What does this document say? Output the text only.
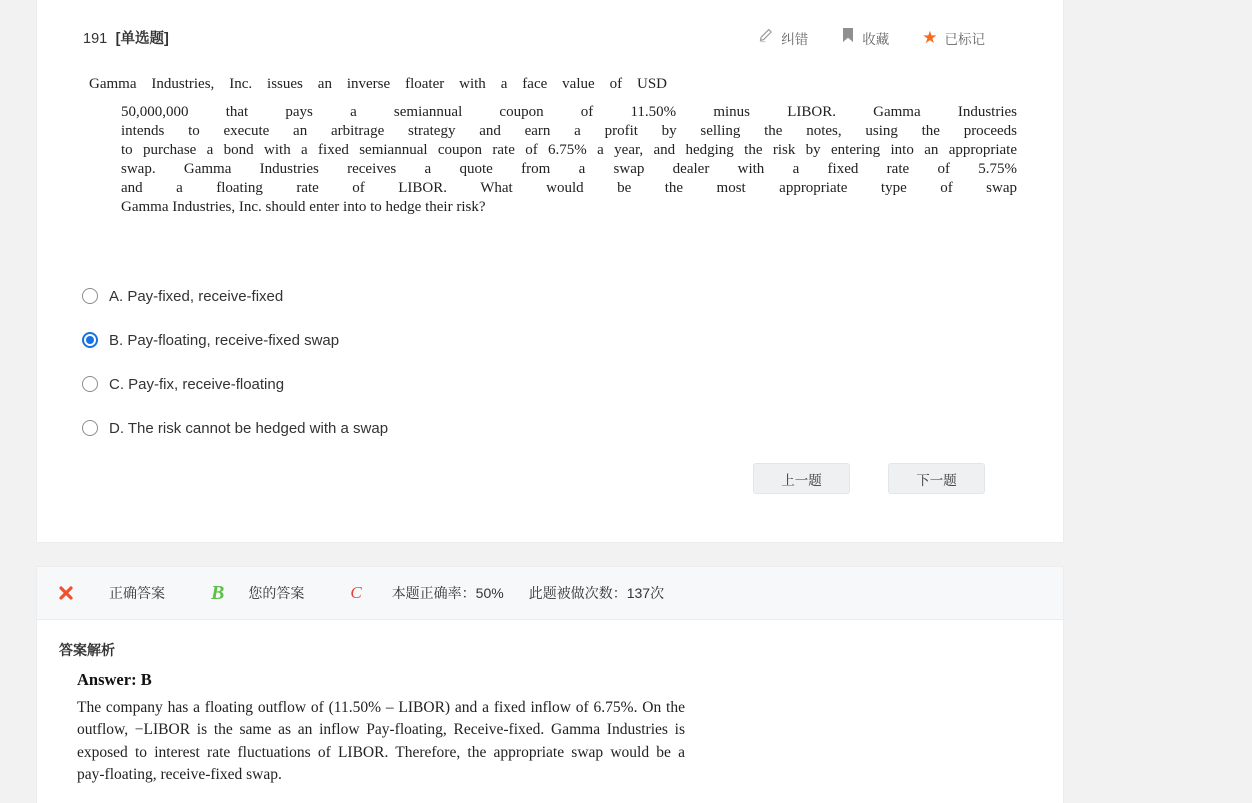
191 [单选题]	纠错	收藏 ★ 已标记
Gamma Industries, Inc. issues an inverse floater with a face value of USD
50,000,000 that pays a semiannual coupon of 11.50% minus LIBOR. Gamma Industries
intends to execute an arbitrage strategy and earn a profit by selling the notes, using the proceeds
to purchase a bond with a fixed semiannual coupon rate of 6.75% a year, and hedging the risk by entering into an appropriate
swap. Gamma Industries receives a quote from a swap dealer with a fixed rate of 5.75%
and a floating rate of LIBOR. What would be the most appropriate type of swap
Gamma Industries, Inc. should enter into to hedge their risk?
A. Pay-fixed, receive-fixed
B. Pay-floating, receive-fixed swap
C. Pay-fix, receive-floating
D. The risk cannot be hedged with a swap
上一题	下一题
正确答案 B 您的答案	C 本题正确率：50% 此题被做次数：137次
答案解析
Answer: B
The company has a floating outflow of (11.50% – LIBOR) and a fixed inflow of 6.75%. On the
outflow, −LIBOR is the same as an inflow Pay-floating, Receive-fixed. Gamma Industries is
exposed to interest rate fluctuations of LIBOR. Therefore, the appropriate swap would be a
pay-floating, receive-fixed swap.
